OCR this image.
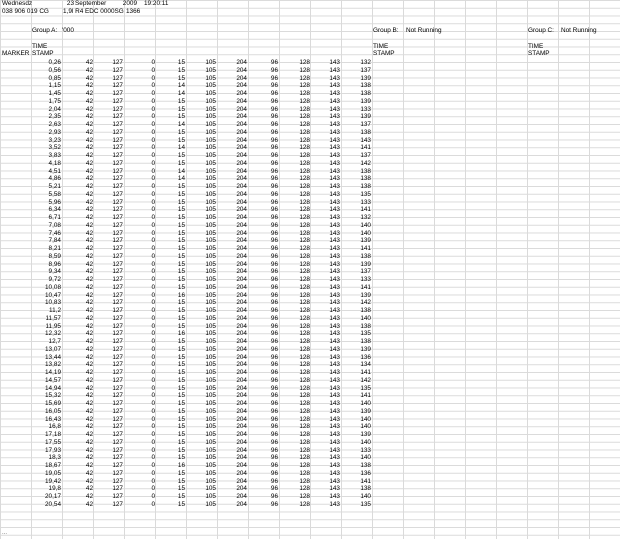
Wednesdz	23 September	2009 19:20:11
038 906 019 CG 1,9l R4 EDC 0000SG 1366
Group A: '000	Group B: Not Running	Group C: Not Running
TIME
STAMP
MARKER
TIME
STAMP
TIME
STAMP
0,26	42	127	0	15	105	204	96	128	143	132
0,56	42	127	0	15	105	204	96	128	143	137
0,85	42	127	0	15	105	204	96	128	143	139
1,15	42	127	0	14	105	204	96	128	143	138
1,45	42	127	0	14	105	204	96	128	143	138
1,75	42	127	0	15	105	204	96	128	143	139
2,04	42	127	0	15	105	204	96	128	143	133
2,35	42	127	0	15	105	204	96	128	143	139
2,63	42	127	0	14	105	204	96	128	143	137
2,93	42	127	0	15	105	204	96	128	143	138
3,23	42	127	0	15	105	204	96	128	143	143
3,52	42	127	0	14	105	204	96	128	143	141
3,83	42	127	0	15	105	204	96	128	143	137
4,18	42	127	0	15	105	204	96	128	143	142
4,51	42	127	0	14	105	204	96	128	143	138
4,86	42	127	0	14	105	204	96	128	143	138
5,21	42	127	0	15	105	204	96	128	143	138
5,58	42	127	0	15	105	204	96	128	143	135
5,96	42	127	0	15	105	204	96	128	143	133
6,34	42	127	0	15	105	204	96	128	143	141
6,71	42	127	0	15	105	204	96	128	143	132
7,08	42	127	0	15	105	204	96	128	143	140
7,46	42	127	0	15	105	204	96	128	143	140
7,84	42	127	0	15	105	204	96	128	143	139
8,21	42	127	0	15	105	204	96	128	143	141
8,59	42	127	0	15	105	204	96	128	143	138
8,96	42	127	0	15	105	204	96	128	143	139
9,34	42	127	0	15	105	204	96	128	143	137
9,72	42	127	0	15	105	204	96	128	143	133
10,08	42	127	0	15	105	204	96	128	143	141
10,47	42	127	0	16	105	204	96	128	143	139
10,83	42	127	0	15	105	204	96	128	143	142
11,2	42	127	0	15	105	204	96	128	143	138
11,57	42	127	0	15	105	204	96	128	143	140
11,95	42	127	0	15	105	204	96	128	143	138
12,32	42	127	0	16	105	204	96	128	143	135
12,7	42	127	0	15	105	204	96	128	143	138
13,07	42	127	0	15	105	204	96	128	143	139
13,44	42	127	0	15	105	204	96	128	143	136
13,82	42	127	0	15	105	204	96	128	143	134
14,19	42	127	0	15	105	204	96	128	143	141
14,57	42	127	0	15	105	204	96	128	143	142
14,94	42	127	0	15	105	204	96	128	143	135
15,32	42	127	0	15	105	204	96	128	143	141
15,69	42	127	0	15	105	204	96	128	143	140
16,05	42	127	0	15	105	204	96	128	143	139
16,43	42	127	0	15	105	204	96	128	143	140
16,8	42	127	0	15	105	204	96	128	143	140
17,18	42	127	0	15	105	204	96	128	143	139
17,55	42	127	0	15	105	204	96	128	143	140
17,93	42	127	0	15	105	204	96	128	143	133
18,3	42	127	0	15	105	204	96	128	143	140
18,67	42	127	0	16	105	204	96	128	143	138
19,05	42	127	0	15	105	204	96	128	143	136
19,42	42	127	0	15	105	204	96	128	143	141
19,8	42	127	0	15	105	204	96	128	143	138
20,17	42	127	0	15	105	204	96	128	143	140
20,54	42	127	0	15	105	204	96	128	143	135
...
